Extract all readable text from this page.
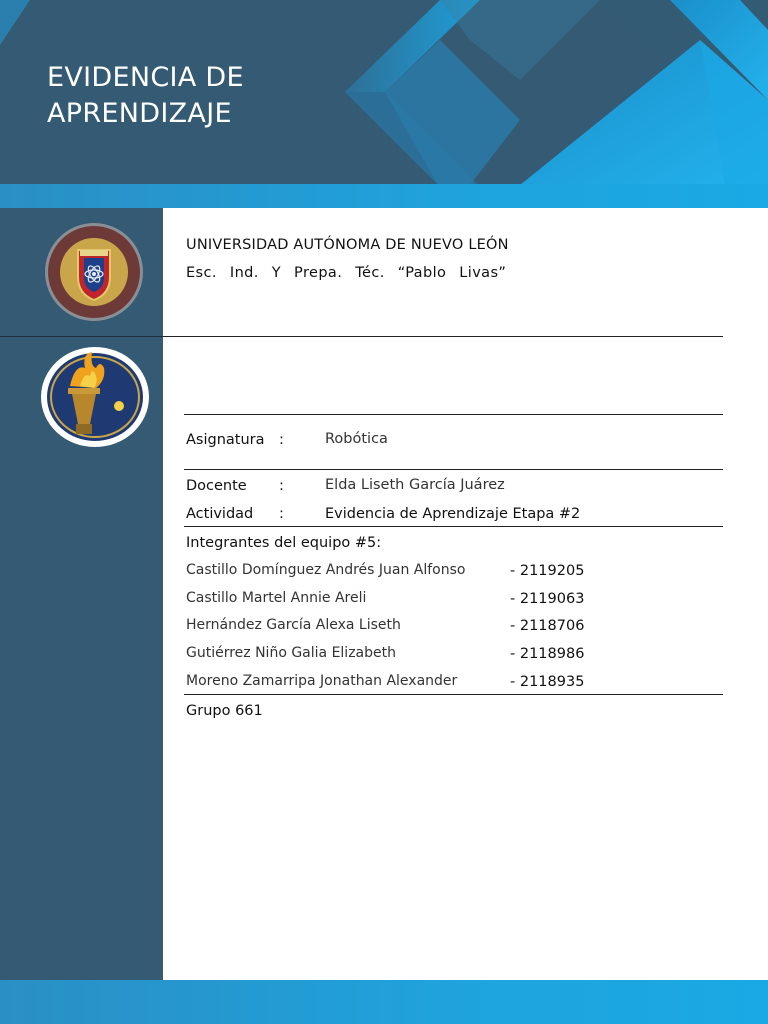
EVIDENCIA DE
APRENDIZAJE
UNIVERSIDAD AUTÓNOMA DE NUEVO LEÓN
Esc. Ind. Y Prepa. Téc. “Pablo Livas”
Asignatura :	Robótica
Docente :	Elda Liseth García Juárez
Actividad :	Evidencia de Aprendizaje Etapa #2
Integrantes del equipo #5:
Castillo Domínguez Andrés Juan Alfonso	- 2119205
Castillo Martel Annie Areli	- 2119063
Hernández García Alexa Liseth	- 2118706
Gutiérrez Niño Galia Elizabeth	- 2118986
Moreno Zamarripa Jonathan Alexander	- 2118935
Grupo 661
